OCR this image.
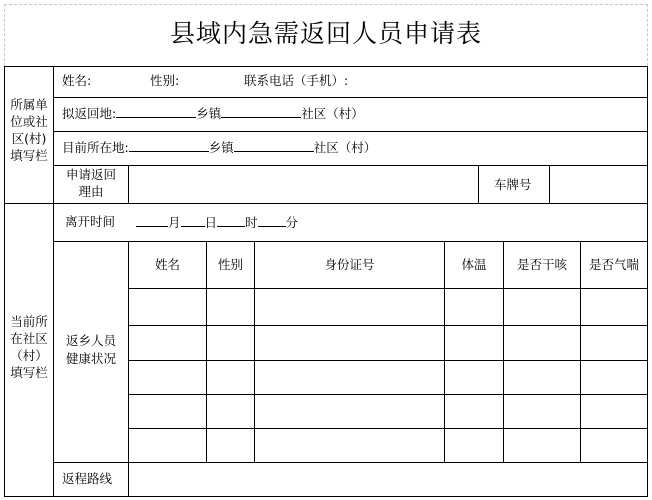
县域内急需返回人员申请表
所属单位或社区(村)填写栏
当前所在社区（村）填写栏
姓名:	性别:	联系电话（手机）:
拟返回地:	乡镇	社区（村）
目前所在地:	乡镇	社区（村）
申请返回理由	车牌号
离开时间	月 日 时 分
返乡人员健康状况
姓名	性别	身份证号	体温	是否干咳	是否气喘
返程路线
